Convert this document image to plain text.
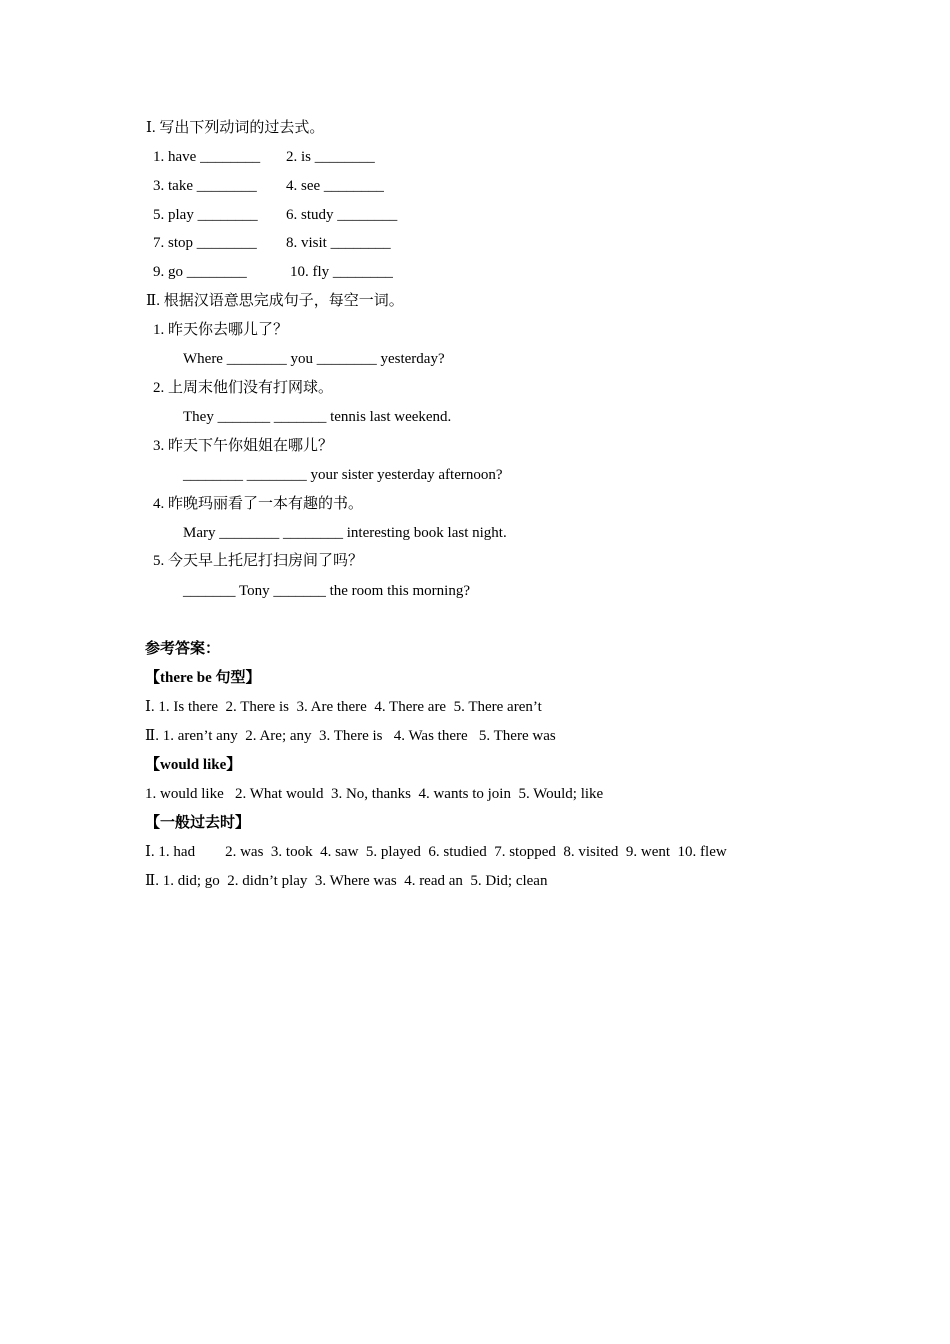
Ⅰ. 写出下列动词的过去式。
1. have ________ 2. is ________
3. take ________ 4. see ________
5. play ________ 6. study ________
7. stop ________ 8. visit ________
9. go ________	10. fly ________
Ⅱ. 根据汉语意思完成句子，每空一词。
1. 昨天你去哪儿了？
Where ________ you ________ yesterday?
2. 上周末他们没有打网球。
They _______ _______ tennis last weekend.
3. 昨天下午你姐姐在哪儿？
________ ________ your sister yesterday afternoon?
4. 昨晚玛丽看了一本有趣的书。
Mary ________ ________ interesting book last night.
5. 今天早上托尼打扫房间了吗？
_______ Tony _______ the room this morning?
参考答案：
【there be 句型】
Ⅰ. 1. Is there  2. There is  3. Are there  4. There are  5. There aren’t
Ⅱ. 1. aren’t any  2. Are; any  3. There is   4. Was there   5. There was
【would like】
1. would like   2. What would  3. No, thanks  4. wants to join  5. Would; like
【一般过去时】
Ⅰ. 1. had        2. was  3. took  4. saw  5. played  6. studied  7. stopped  8. visited  9. went  10. flew
Ⅱ. 1. did; go  2. didn’t play  3. Where was  4. read an  5. Did; clean
